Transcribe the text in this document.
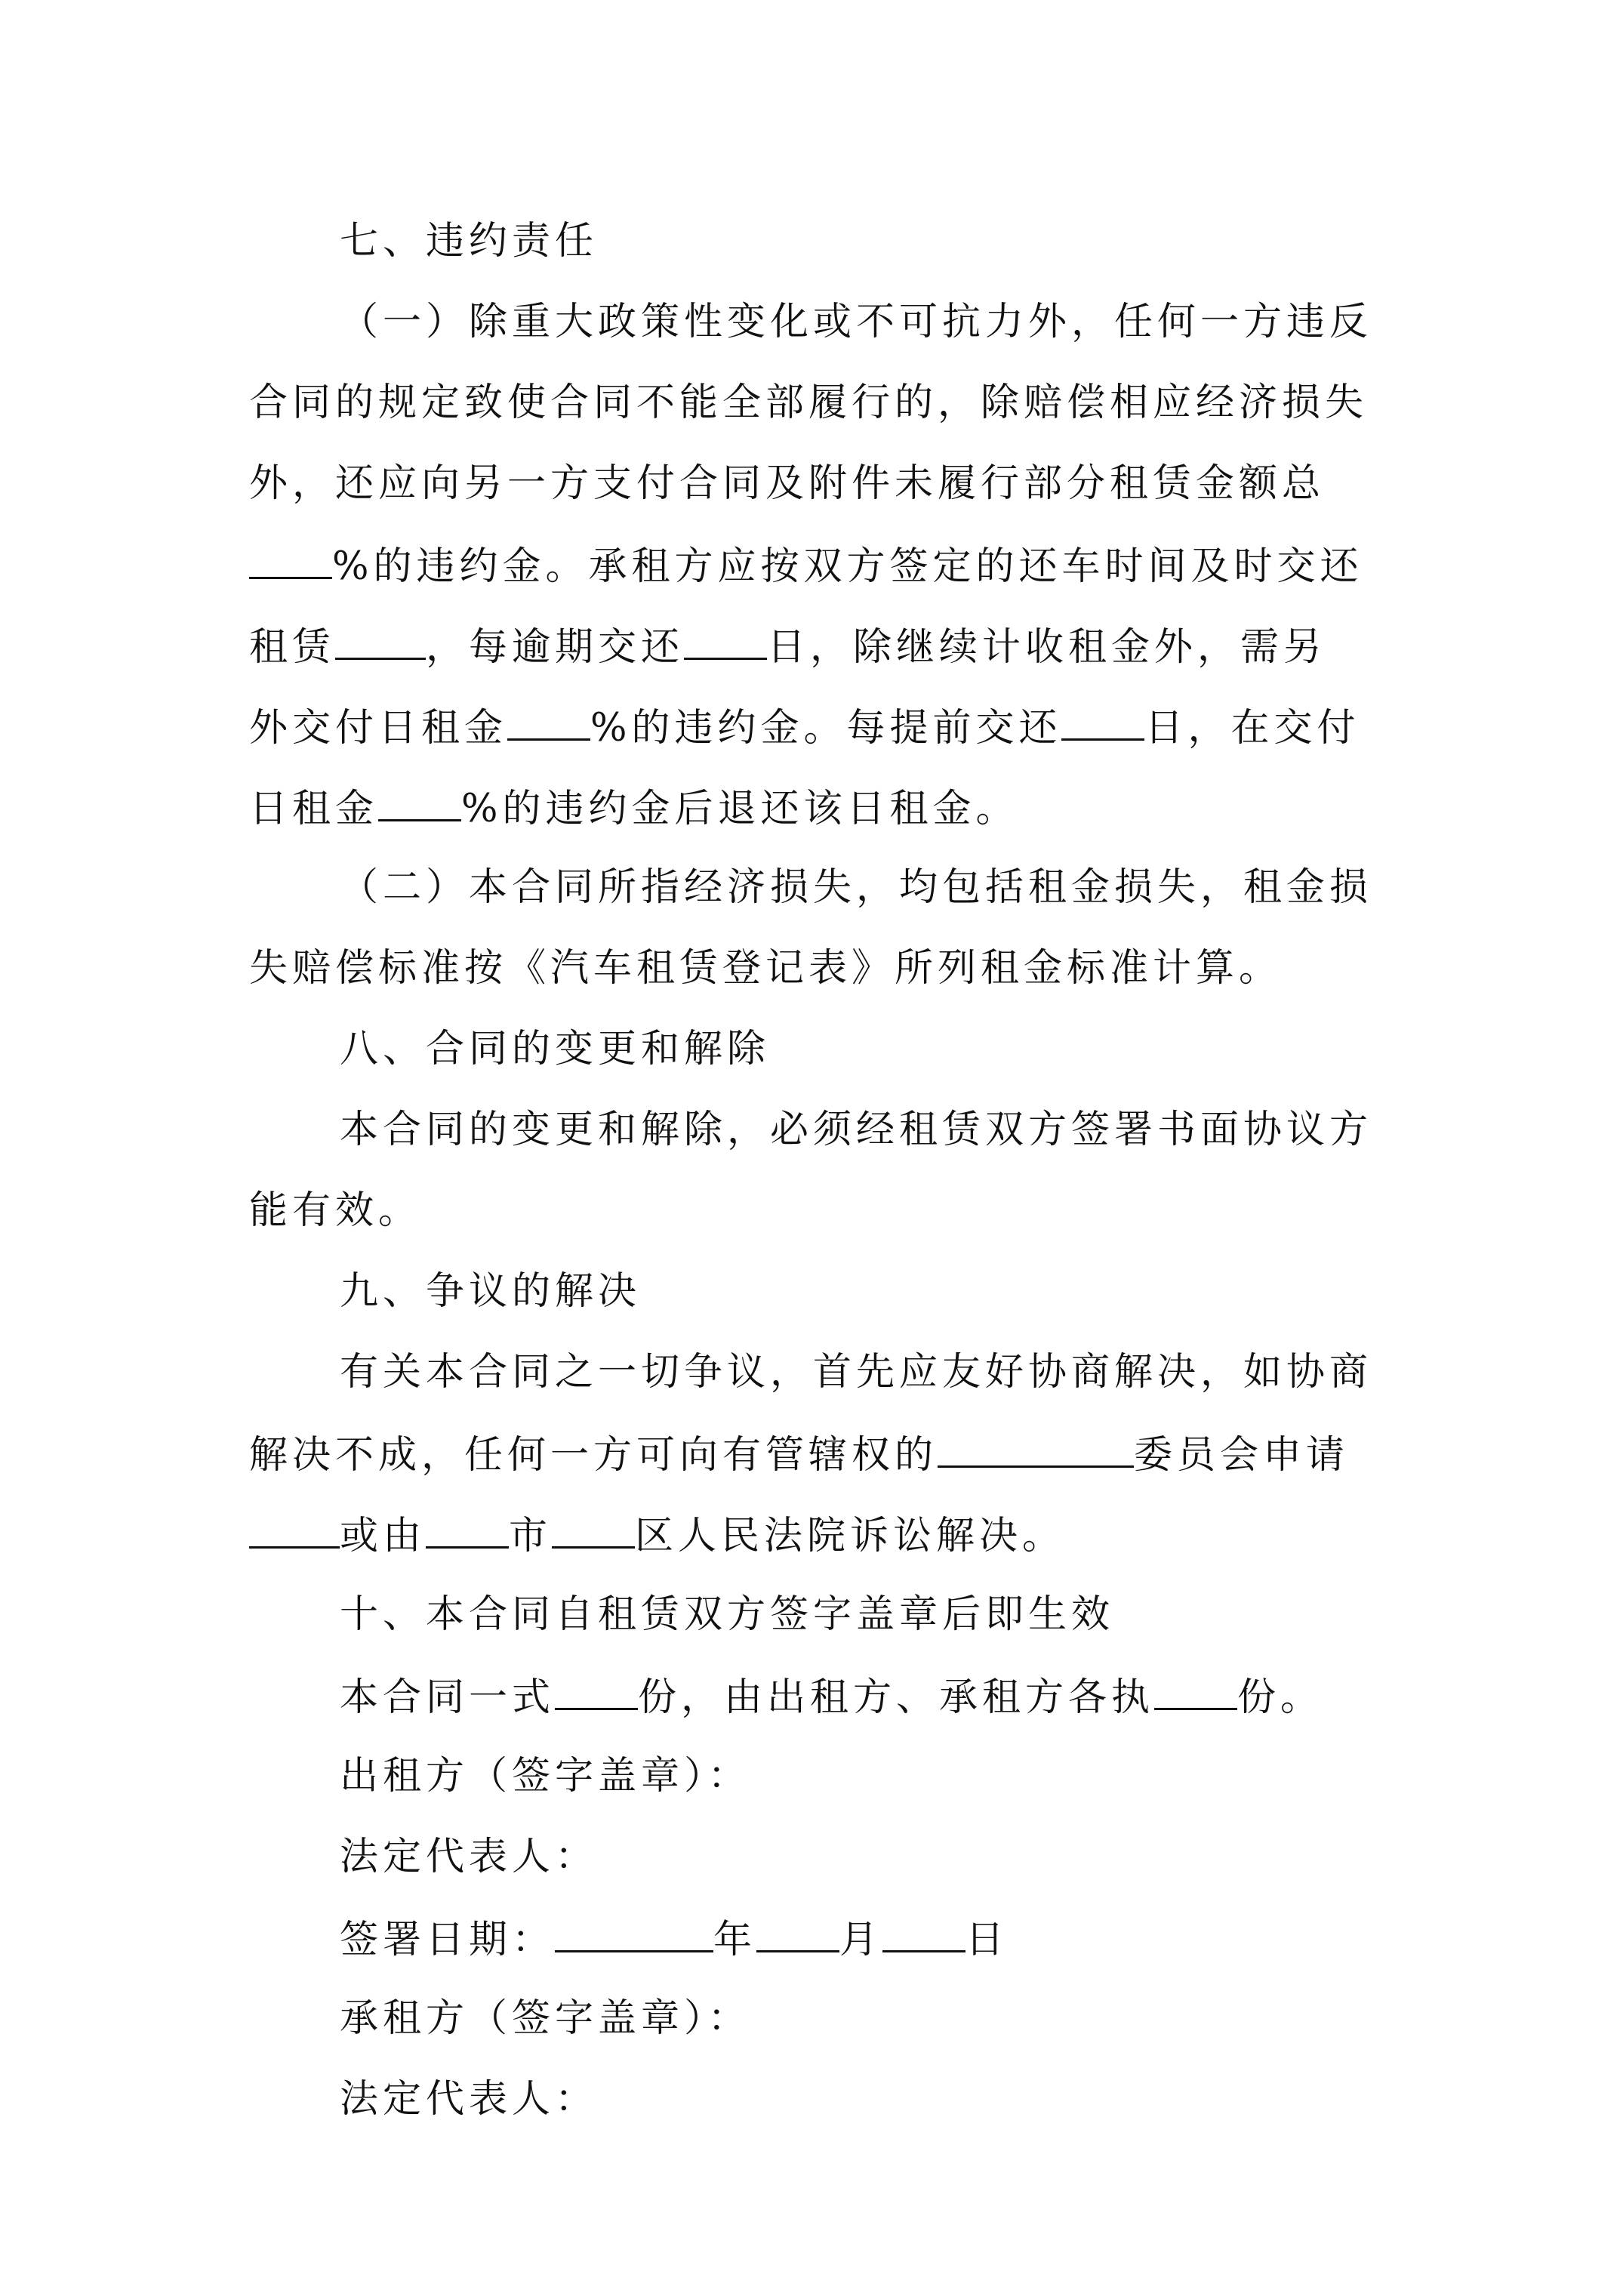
七、违约责任
（一）除重大政策性变化或不可抗力外，任何一方违反
合同的规定致使合同不能全部履行的，除赔偿相应经济损失
外，还应向另一方支付合同及附件未履行部分租赁金额总
%的违约金。承租方应按双方签定的还车时间及时交还
租赁 ，每逾期交还 日，除继续计收租金外，需另
外交付日租金 %的违约金。每提前交还 日，在交付
日租金 %的违约金后退还该日租金。
（二）本合同所指经济损失，均包括租金损失，租金损
失赔偿标准按《汽车租赁登记表》所列租金标准计算。
八、合同的变更和解除
本合同的变更和解除，必须经租赁双方签署书面协议方
能有效。
九、争议的解决
有关本合同之一切争议，首先应友好协商解决，如协商
解决不成，任何一方可向有管辖权的	委员会申请
或由 市 区人民法院诉讼解决。
十、本合同自租赁双方签字盖章后即生效
本合同一式 份，由出租方、承租方各执 份。
出租方（签字盖章）：
法定代表人：
签署日期：	年 月 日
承租方（签字盖章）：
法定代表人：
